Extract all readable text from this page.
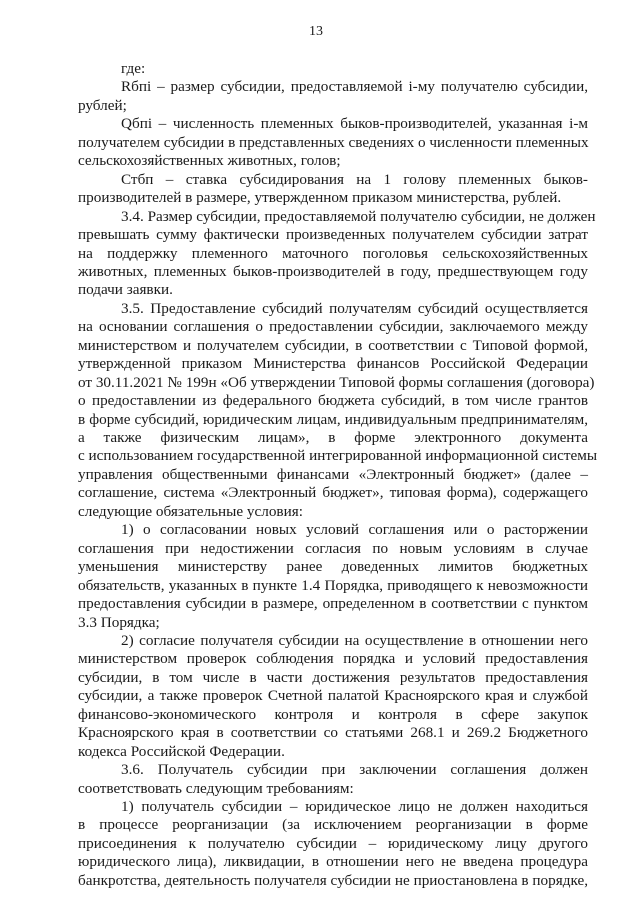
13
где:
Rбпi – размер субсидии, предоставляемой i-му получателю субсидии,
рублей;
Qбпi – численность племенных быков-производителей, указанная i-м
получателем субсидии в представленных сведениях о численности племенных
сельскохозяйственных животных, голов;
Стбп – ставка субсидирования на 1 голову племенных быков-
производителей в размере, утвержденном приказом министерства, рублей.
3.4. Размер субсидии, предоставляемой получателю субсидии, не должен
превышать сумму фактически произведенных получателем субсидии затрат
на поддержку племенного маточного поголовья сельскохозяйственных
животных, племенных быков-производителей в году, предшествующем году
подачи заявки.
3.5. Предоставление субсидий получателям субсидий осуществляется
на основании соглашения о предоставлении субсидии, заключаемого между
министерством и получателем субсидии, в соответствии с Типовой формой,
утвержденной приказом Министерства финансов Российской Федерации
от 30.11.2021 № 199н «Об утверждении Типовой формы соглашения (договора)
о предоставлении из федерального бюджета субсидий, в том числе грантов
в форме субсидий, юридическим лицам, индивидуальным предпринимателям,
а также физическим лицам», в форме электронного документа
с использованием государственной интегрированной информационной системы
управления общественными финансами «Электронный бюджет» (далее –
соглашение, система «Электронный бюджет», типовая форма), содержащего
следующие обязательные условия:
1) о согласовании новых условий соглашения или о расторжении
соглашения при недостижении согласия по новым условиям в случае
уменьшения министерству ранее доведенных лимитов бюджетных
обязательств, указанных в пункте 1.4 Порядка, приводящего к невозможности
предоставления субсидии в размере, определенном в соответствии с пунктом
3.3 Порядка;
2) согласие получателя субсидии на осуществление в отношении него
министерством проверок соблюдения порядка и условий предоставления
субсидии, в том числе в части достижения результатов предоставления
субсидии, а также проверок Счетной палатой Красноярского края и службой
финансово-экономического контроля и контроля в сфере закупок
Красноярского края в соответствии со статьями 268.1 и 269.2 Бюджетного
кодекса Российской Федерации.
3.6. Получатель субсидии при заключении соглашения должен
соответствовать следующим требованиям:
1) получатель субсидии – юридическое лицо не должен находиться
в процессе реорганизации (за исключением реорганизации в форме
присоединения к получателю субсидии – юридическому лицу другого
юридического лица), ликвидации, в отношении него не введена процедура
банкротства, деятельность получателя субсидии не приостановлена в порядке,
